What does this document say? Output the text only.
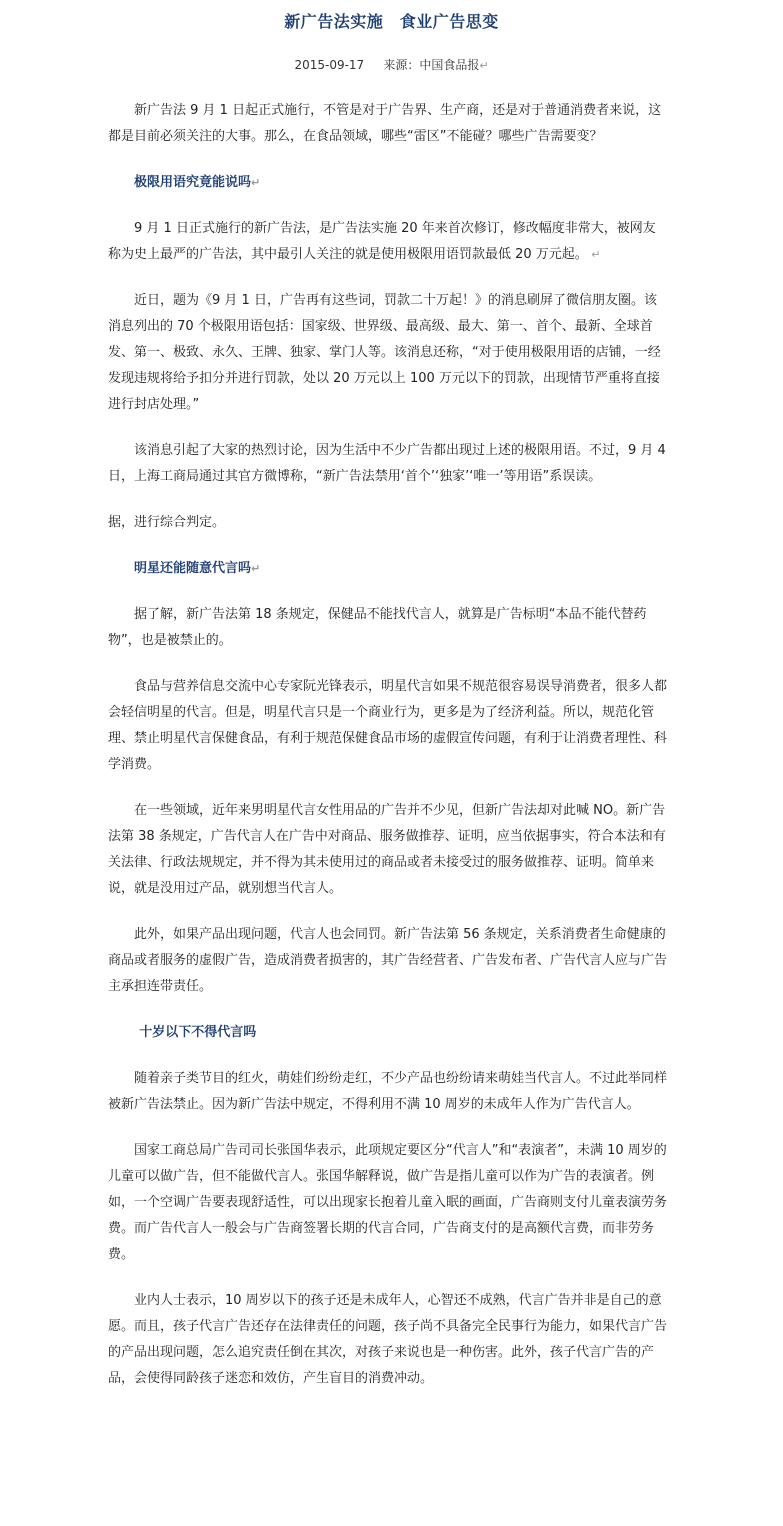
新广告法实施　食业广告思变
2015-09-17 来源：中国食品报↵

新广告法 9 月 1 日起正式施行，不管是对于广告界、生产商，还是对于普通消费者来说，这都是目前必须关注的大事。那么，在食品领域，哪些“雷区”不能碰？哪些广告需要变？

极限用语究竟能说吗↵

9 月 1 日正式施行的新广告法，是广告法实施 20 年来首次修订，修改幅度非常大，被网友称为史上最严的广告法，其中最引人关注的就是使用极限用语罚款最低 20 万元起。 ↵

近日，题为《9 月 1 日，广告再有这些词，罚款二十万起！》的消息刷屏了微信朋友圈。该消息列出的 70 个极限用语包括：国家级、世界级、最高级、最大、第一、首个、最新、全球首发、第一、极致、永久、王牌、独家、掌门人等。该消息还称，“对于使用极限用语的店铺，一经发现违规将给予扣分并进行罚款，处以 20 万元以上 100 万元以下的罚款，出现情节严重将直接进行封店处理。”

该消息引起了大家的热烈讨论，因为生活中不少广告都出现过上述的极限用语。不过，9 月 4 日，上海工商局通过其官方微博称，“新广告法禁用‘首个’‘独家’‘唯一’等用语”系误读。

据，进行综合判定。

明星还能随意代言吗↵

据了解，新广告法第 18 条规定，保健品不能找代言人，就算是广告标明“本品不能代替药物”，也是被禁止的。

食品与营养信息交流中心专家阮光锋表示，明星代言如果不规范很容易误导消费者，很多人都会轻信明星的代言。但是，明星代言只是一个商业行为，更多是为了经济利益。所以，规范化管理、禁止明星代言保健食品，有利于规范保健食品市场的虚假宣传问题，有利于让消费者理性、科学消费。

在一些领域，近年来男明星代言女性用品的广告并不少见，但新广告法却对此喊 NO。新广告法第 38 条规定，广告代言人在广告中对商品、服务做推荐、证明，应当依据事实，符合本法和有关法律、行政法规规定，并不得为其未使用过的商品或者未接受过的服务做推荐、证明。简单来说，就是没用过产品，就别想当代言人。

此外，如果产品出现问题，代言人也会同罚。新广告法第 56 条规定，关系消费者生命健康的商品或者服务的虚假广告，造成消费者损害的，其广告经营者、广告发布者、广告代言人应与广告主承担连带责任。

十岁以下不得代言吗

随着亲子类节目的红火，萌娃们纷纷走红，不少产品也纷纷请来萌娃当代言人。不过此举同样被新广告法禁止。因为新广告法中规定，不得利用不满 10 周岁的未成年人作为广告代言人。

国家工商总局广告司司长张国华表示，此项规定要区分“代言人”和“表演者”，未满 10 周岁的儿童可以做广告，但不能做代言人。张国华解释说，做广告是指儿童可以作为广告的表演者。例如，一个空调广告要表现舒适性，可以出现家长抱着儿童入眠的画面，广告商则支付儿童表演劳务费。而广告代言人一般会与广告商签署长期的代言合同，广告商支付的是高额代言费，而非劳务费。

业内人士表示，10 周岁以下的孩子还是未成年人，心智还不成熟，代言广告并非是自己的意愿。而且，孩子代言广告还存在法律责任的问题，孩子尚不具备完全民事行为能力，如果代言广告的产品出现问题，怎么追究责任倒在其次，对孩子来说也是一种伤害。此外，孩子代言广告的产品，会使得同龄孩子迷恋和效仿，产生盲目的消费冲动。
